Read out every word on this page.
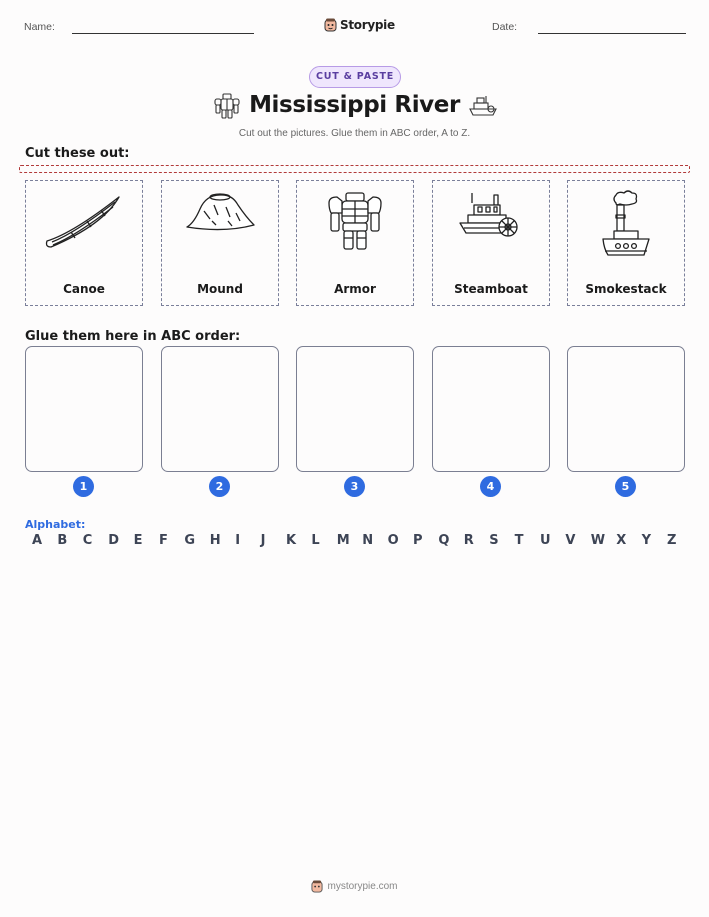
Name:	Storypie	Date:
CUT & PASTE
Mississippi River
Cut out the pictures. Glue them in ABC order, A to Z.
Cut these out:
Canoe	Mound	Armor	Steamboat	Smokestack
Glue them here in ABC order:
1	2	3	4	5
Alphabet:
A B C D E F G H I J K L M N O P Q R S T U V W X Y Z
mystorypie.com
